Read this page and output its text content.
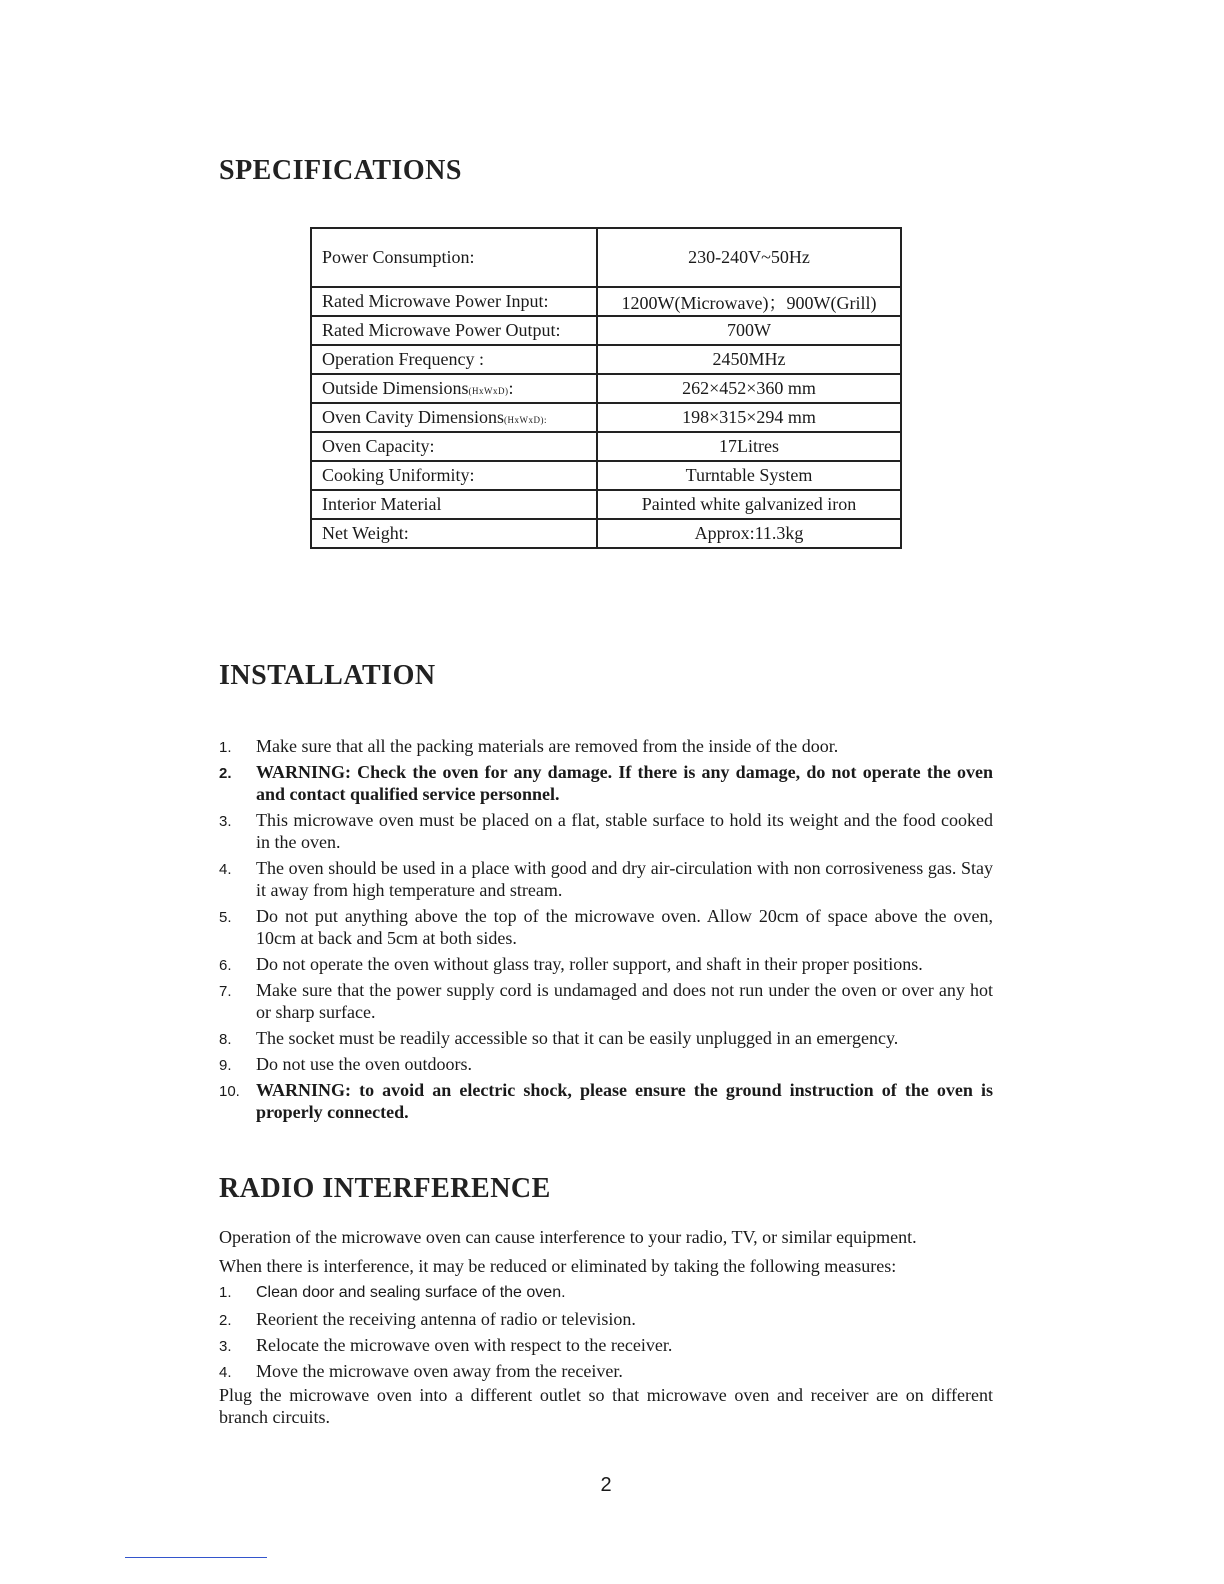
SPECIFICATIONS
Power Consumption:	230-240V~50Hz
Rated Microwave Power Input:	1200W(Microwave)；900W(Grill)
Rated Microwave Power Output:	700W
Operation Frequency :	2450MHz
Outside Dimensions(HxWxD):	262×452×360 mm
Oven Cavity Dimensions(HxWxD):	198×315×294 mm
Oven Capacity:	17Litres
Cooking Uniformity:	Turntable System
Interior Material	Painted white galvanized iron
Net Weight:	Approx:11.3kg
INSTALLATION
1. Make sure that all the packing materials are removed from the inside of the door.
2. WARNING: Check the oven for any damage. If there is any damage, do not operate the oven and contact qualified service personnel.
3. This microwave oven must be placed on a flat, stable surface to hold its weight and the food cooked in the oven.
4. The oven should be used in a place with good and dry air-circulation with non corrosiveness gas. Stay it away from high temperature and stream.
5. Do not put anything above the top of the microwave oven. Allow 20cm of space above the oven, 10cm at back and 5cm at both sides.
6. Do not operate the oven without glass tray, roller support, and shaft in their proper positions.
7. Make sure that the power supply cord is undamaged and does not run under the oven or over any hot or sharp surface.
8. The socket must be readily accessible so that it can be easily unplugged in an emergency.
9. Do not use the oven outdoors.
10. WARNING: to avoid an electric shock, please ensure the ground instruction of the oven is properly connected.
RADIO INTERFERENCE

Operation of the microwave oven can cause interference to your radio, TV, or similar equipment.

When there is interference, it may be reduced or eliminated by taking the following measures:

1. Clean door and sealing surface of the oven.
2. Reorient the receiving antenna of radio or television.
3. Relocate the microwave oven with respect to the receiver.
4. Move the microwave oven away from the receiver.

Plug the microwave oven into a different outlet so that microwave oven and receiver are on different branch circuits.

2
